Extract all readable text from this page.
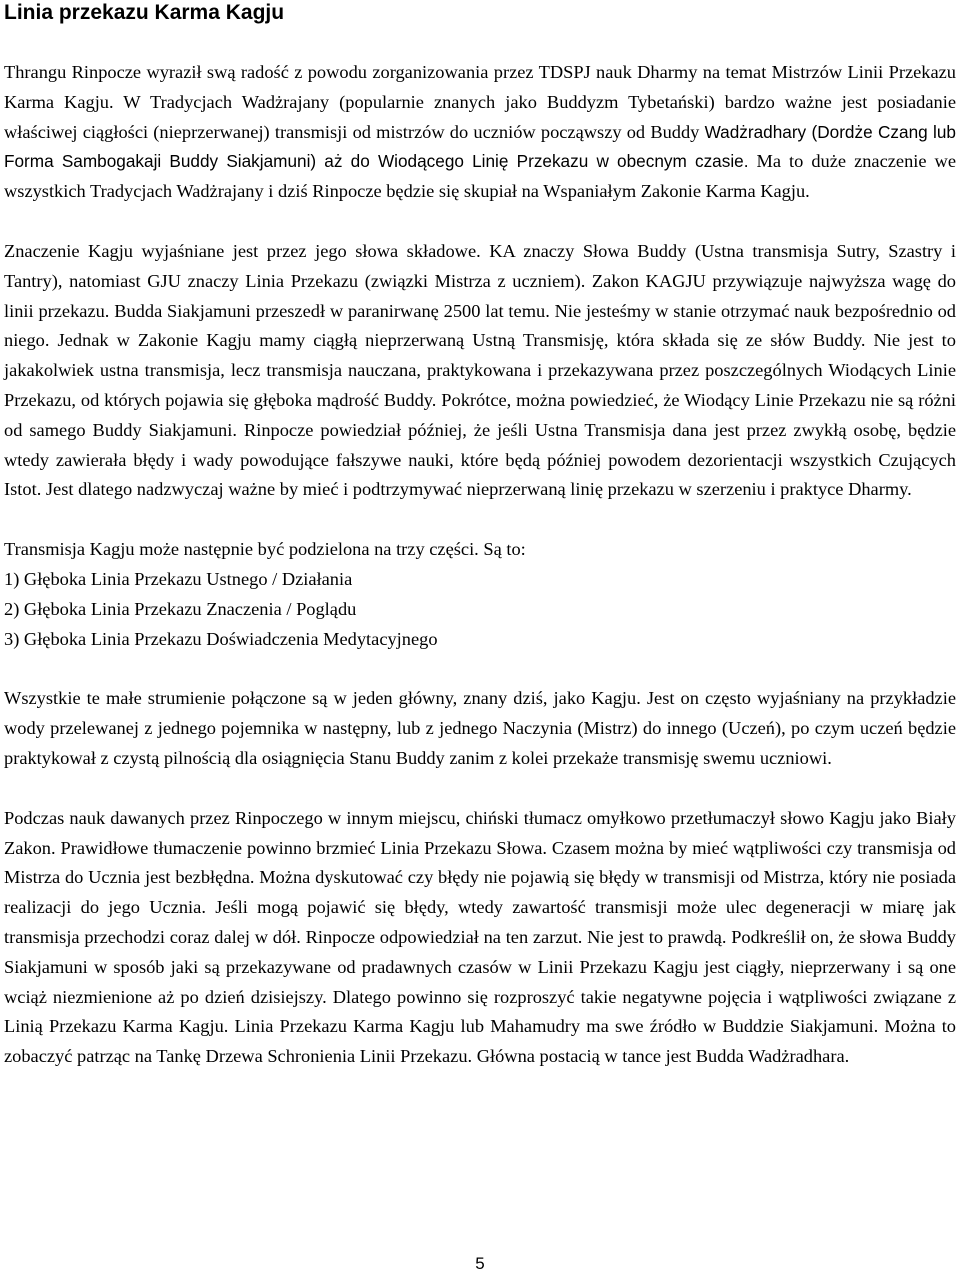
Linia przekazu Karma Kagju

Thrangu Rinpocze wyraził swą radość z powodu zorganizowania przez TDSPJ nauk Dharmy na temat Mistrzów Linii Przekazu Karma Kagju. W Tradycjach Wadżrajany (popularnie znanych jako Buddyzm Tybetański) bardzo ważne jest posiadanie właściwej ciągłości (nieprzerwanej) transmisji od mistrzów do uczniów począwszy od Buddy Wadżradhary (Dordże Czang lub Forma Sambogakaji Buddy Siakjamuni) aż do Wiodącego Linię Przekazu w obecnym czasie. Ma to duże znaczenie we wszystkich Tradycjach Wadżrajany i dziś Rinpocze będzie się skupiał na Wspaniałym Zakonie Karma Kagju.

Znaczenie Kagju wyjaśniane jest przez jego słowa składowe. KA znaczy Słowa Buddy (Ustna transmisja Sutry, Szastry i Tantry), natomiast GJU znaczy Linia Przekazu (związki Mistrza z uczniem). Zakon KAGJU przywiązuje najwyższa wagę do linii przekazu. Budda Siakjamuni przeszedł w paranirwanę 2500 lat temu. Nie jesteśmy w stanie otrzymać nauk bezpośrednio od niego. Jednak w Zakonie Kagju mamy ciągłą nieprzerwaną Ustną Transmisję, która składa się ze słów Buddy. Nie jest to jakakolwiek ustna transmisja, lecz transmisja nauczana, praktykowana i przekazywana przez poszczególnych Wiodących Linie Przekazu, od których pojawia się głęboka mądrość Buddy. Pokrótce, można powiedzieć, że Wiodący Linie Przekazu nie są różni od samego Buddy Siakjamuni. Rinpocze powiedział później, że jeśli Ustna Transmisja dana jest przez zwykłą osobę, będzie wtedy zawierała błędy i wady powodujące fałszywe nauki, które będą później powodem dezorientacji wszystkich Czujących Istot. Jest dlatego nadzwyczaj ważne by mieć i podtrzymywać nieprzerwaną linię przekazu w szerzeniu i praktyce Dharmy.

Transmisja Kagju może następnie być podzielona na trzy części. Są to:

1) Głęboka Linia Przekazu Ustnego / Działania

2) Głęboka Linia Przekazu Znaczenia / Poglądu

3) Głęboka Linia Przekazu Doświadczenia Medytacyjnego

Wszystkie te małe strumienie połączone są w jeden główny, znany dziś, jako Kagju. Jest on często wyjaśniany na przykładzie wody przelewanej z jednego pojemnika w następny, lub z jednego Naczynia (Mistrz) do innego (Uczeń), po czym uczeń będzie praktykował z czystą pilnością dla osiągnięcia Stanu Buddy zanim z kolei przekaże transmisję swemu uczniowi.

Podczas nauk dawanych przez Rinpoczego w innym miejscu, chiński tłumacz omyłkowo przetłumaczył słowo Kagju jako Biały Zakon. Prawidłowe tłumaczenie powinno brzmieć Linia Przekazu Słowa. Czasem można by mieć wątpliwości czy transmisja od Mistrza do Ucznia jest bezbłędna. Można dyskutować czy błędy nie pojawią się błędy w transmisji od Mistrza, który nie posiada realizacji do jego Ucznia. Jeśli mogą pojawić się błędy, wtedy zawartość transmisji może ulec degeneracji w miarę jak transmisja przechodzi coraz dalej w dół. Rinpocze odpowiedział na ten zarzut. Nie jest to prawdą. Podkreślił on, że słowa Buddy Siakjamuni w sposób jaki są przekazywane od pradawnych czasów w Linii Przekazu Kagju jest ciągły, nieprzerwany i są one wciąż niezmienione aż po dzień dzisiejszy. Dlatego powinno się rozproszyć takie negatywne pojęcia i wątpliwości związane z Linią Przekazu Karma Kagju. Linia Przekazu Karma Kagju lub Mahamudry ma swe źródło w Buddzie Siakjamuni. Można to zobaczyć patrząc na Tankę Drzewa Schronienia Linii Przekazu. Główna postacią w tance jest Budda Wadżradhara.

5
